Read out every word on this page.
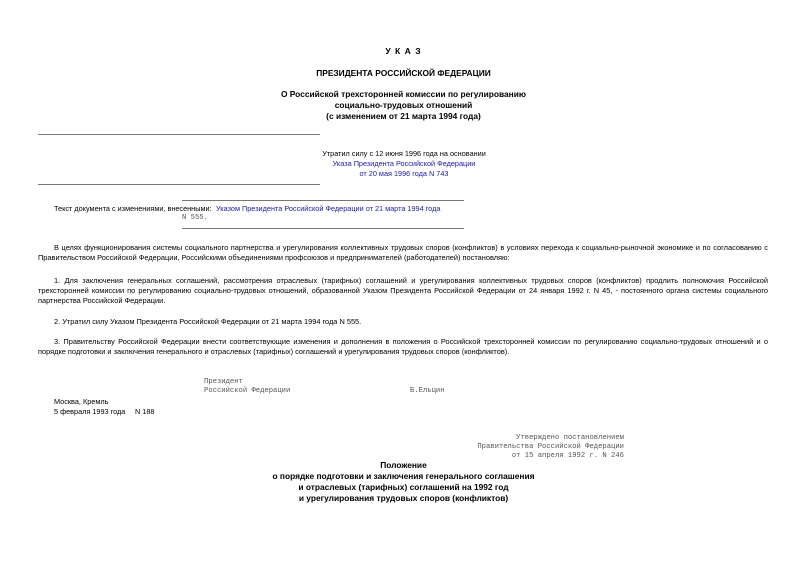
У К А З
ПРЕЗИДЕНТА РОССИЙСКОЙ ФЕДЕРАЦИИ
О Российской трехсторонней комиссии по регулированию
социально-трудовых отношений
(с изменением от 21 марта 1994 года)
Утратил силу с 12 июня 1996 года на основании
Указа Президента Российской Федерации
от 20 мая 1996 года N 743
Текст документа с изменениями, внесенными: Указом Президента Российской Федерации от 21 марта 1994 года
N 555.
В целях функционирования системы социального партнерства и урегулирования коллективных трудовых споров (конфликтов) в условиях перехода к социально-рыночной экономике и по согласованию с Правительством Российской Федерации, Российскими объединениями профсоюзов и предпринимателей (работодателей) постановляю:
1. Для заключения генеральных соглашений, рассмотрения отраслевых (тарифных) соглашений и урегулирования коллективных трудовых споров (конфликтов) продлить полномочия Российской трехсторонней комиссии по регулированию социально-трудовых отношений, образованной Указом Президента Российской Федерации от 24 января 1992 г. N 45, - постоянного органа системы социального партнерства Российской Федерации.
2. Утратил силу Указом Президента Российской Федерации от 21 марта 1994 года N 555.
3. Правительству Российской Федерации внести соответствующие изменения и дополнения в положения о Российской трехсторонней комиссии по регулированию социально-трудовых отношений и о порядке подготовки и заключения генерального и отраслевых (тарифных) соглашений и урегулирования трудовых споров (конфликтов).
Президент
Российской Федерации	Б.Ельцин
Москва, Кремль
5 февраля 1993 года N 188
Утверждено постановлением
Правительства Российской Федерации
от 15 апреля 1992 г. N 246
Положение
о порядке подготовки и заключения генерального соглашения
и отраслевых (тарифных) соглашений на 1992 год
и урегулирования трудовых споров (конфликтов)
